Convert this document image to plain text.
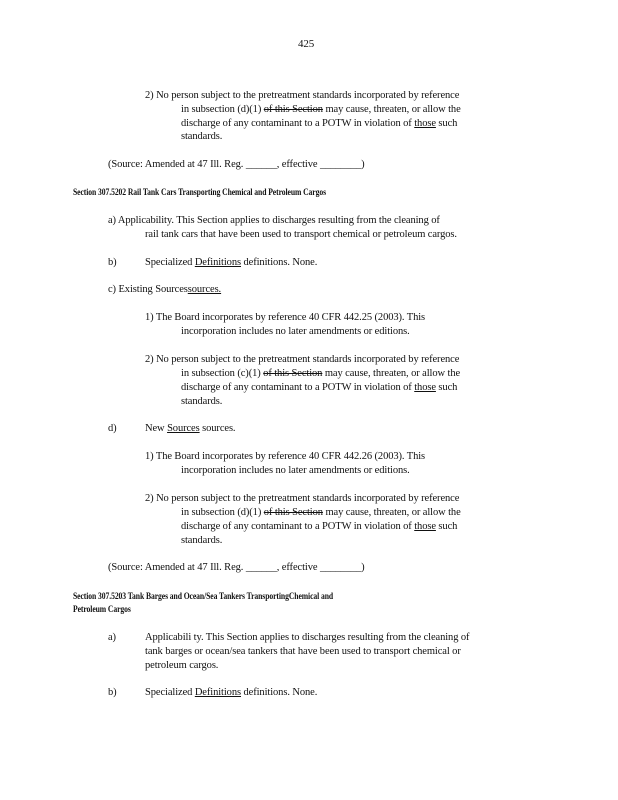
425
2) No person subject to the pretreatment standards incorporated by reference
in subsection (d)(1) of this Section may cause, threaten, or allow the
discharge of any contaminant to a POTW in violation of those such
standards.
(Source: Amended at 47 Ill. Reg. ______, effective ________)
Section 307.5202 Rail Tank Cars Transporting Chemical and Petroleum Cargos
a) Applicability. This Section applies to discharges resulting from the cleaning of
rail tank cars that have been used to transport chemical or petroleum cargos.
b)	Specialized Definitions definitions. None.
c) Existing Sourcessources.
1) The Board incorporates by reference 40 CFR 442.25 (2003). This
incorporation includes no later amendments or editions.
2) No person subject to the pretreatment standards incorporated by reference
in subsection (c)(1) of this Section may cause, threaten, or allow the
discharge of any contaminant to a POTW in violation of those such
standards.
d)	New Sources sources.
1) The Board incorporates by reference 40 CFR 442.26 (2003). This
incorporation includes no later amendments or editions.
2) No person subject to the pretreatment standards incorporated by reference
in subsection (d)(1) of this Section may cause, threaten, or allow the
discharge of any contaminant to a POTW in violation of those such
standards.
(Source: Amended at 47 Ill. Reg. ______, effective ________)
Section 307.5203 Tank Barges and Ocean/Sea Tankers TransportingChemical and
Petroleum Cargos
a)	Applicabili ty. This Section applies to discharges resulting from the cleaning of
tank barges or ocean/sea tankers that have been used to transport chemical or
petroleum cargos.
b)	Specialized Definitions definitions. None.
